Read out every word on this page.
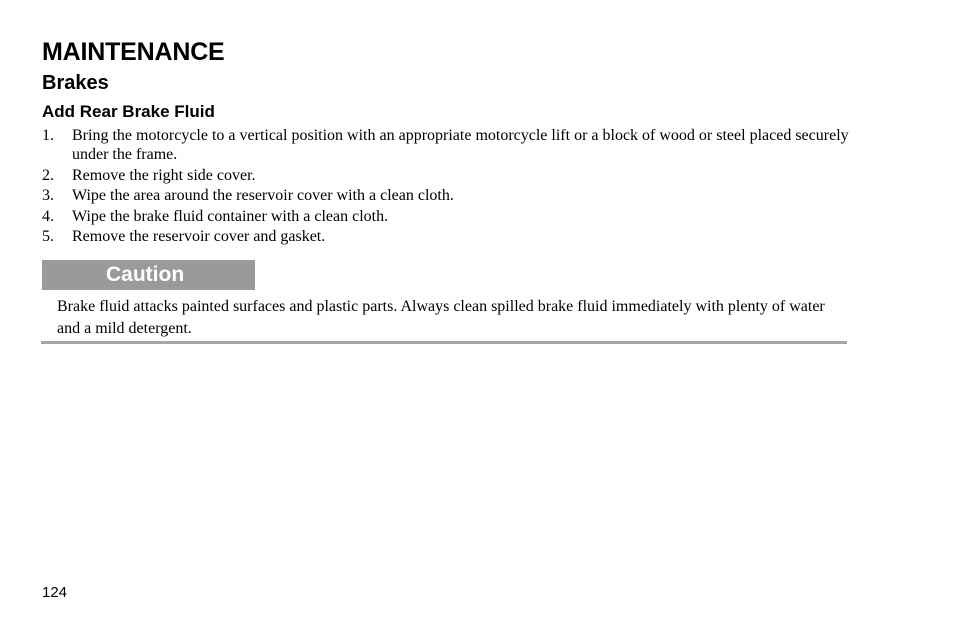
MAINTENANCE
Brakes
Add Rear Brake Fluid
1.	Bring the motorcycle to a vertical position with an appropriate motorcycle lift or a block of wood or steel placed securely under the frame.
2.	Remove the right side cover.
3.	Wipe the area around the reservoir cover with a clean cloth.
4.	Wipe the brake fluid container with a clean cloth.
5.	Remove the reservoir cover and gasket.
Caution

Brake fluid attacks painted surfaces and plastic parts. Always clean spilled brake fluid immediately with plenty of water and a mild detergent.

124
